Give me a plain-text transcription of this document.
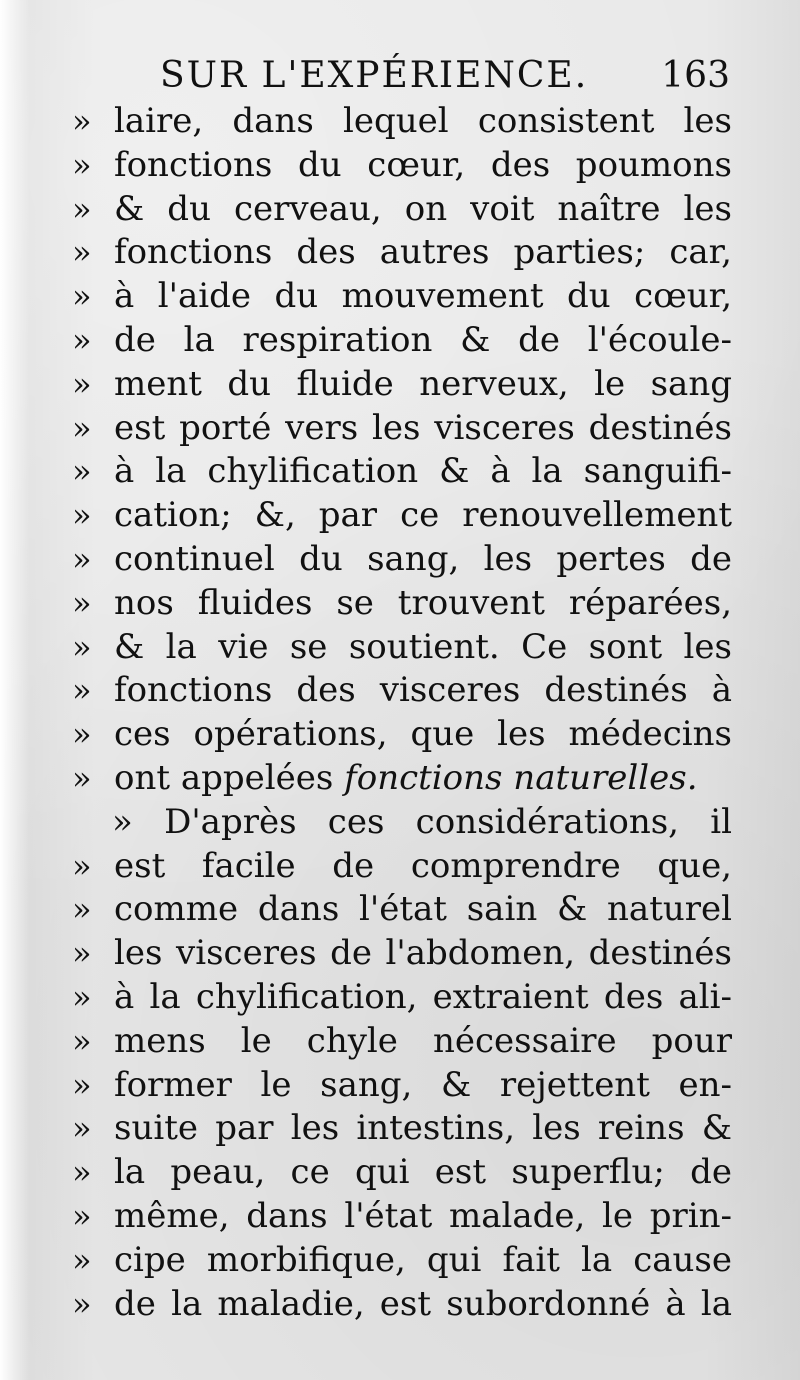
SUR L'EXPÉRIENCE. 163
» laire, dans lequel consistent les
» fonctions du cœur, des poumons
» & du cerveau, on voit naître les
» fonctions des autres parties; car,
» à l'aide du mouvement du cœur,
» de la respiration & de l'écoule-
» ment du fluide nerveux, le sang
» est porté vers les visceres destinés
» à la chylification & à la sanguifi-
» cation; &, par ce renouvellement
» continuel du sang, les pertes de
» nos fluides se trouvent réparées,
» & la vie se soutient. Ce sont les
» fonctions des visceres destinés à
» ces opérations, que les médecins
» ont appelées fonctions naturelles.
» D'après ces considérations, il
» est facile de comprendre que,
» comme dans l'état sain & naturel
» les visceres de l'abdomen, destinés
» à la chylification, extraient des ali-
» mens le chyle nécessaire pour
» former le sang, & rejettent en-
» suite par les intestins, les reins &
» la peau, ce qui est superflu; de
» même, dans l'état malade, le prin-
» cipe morbifique, qui fait la cause
» de la maladie, est subordonné à la
